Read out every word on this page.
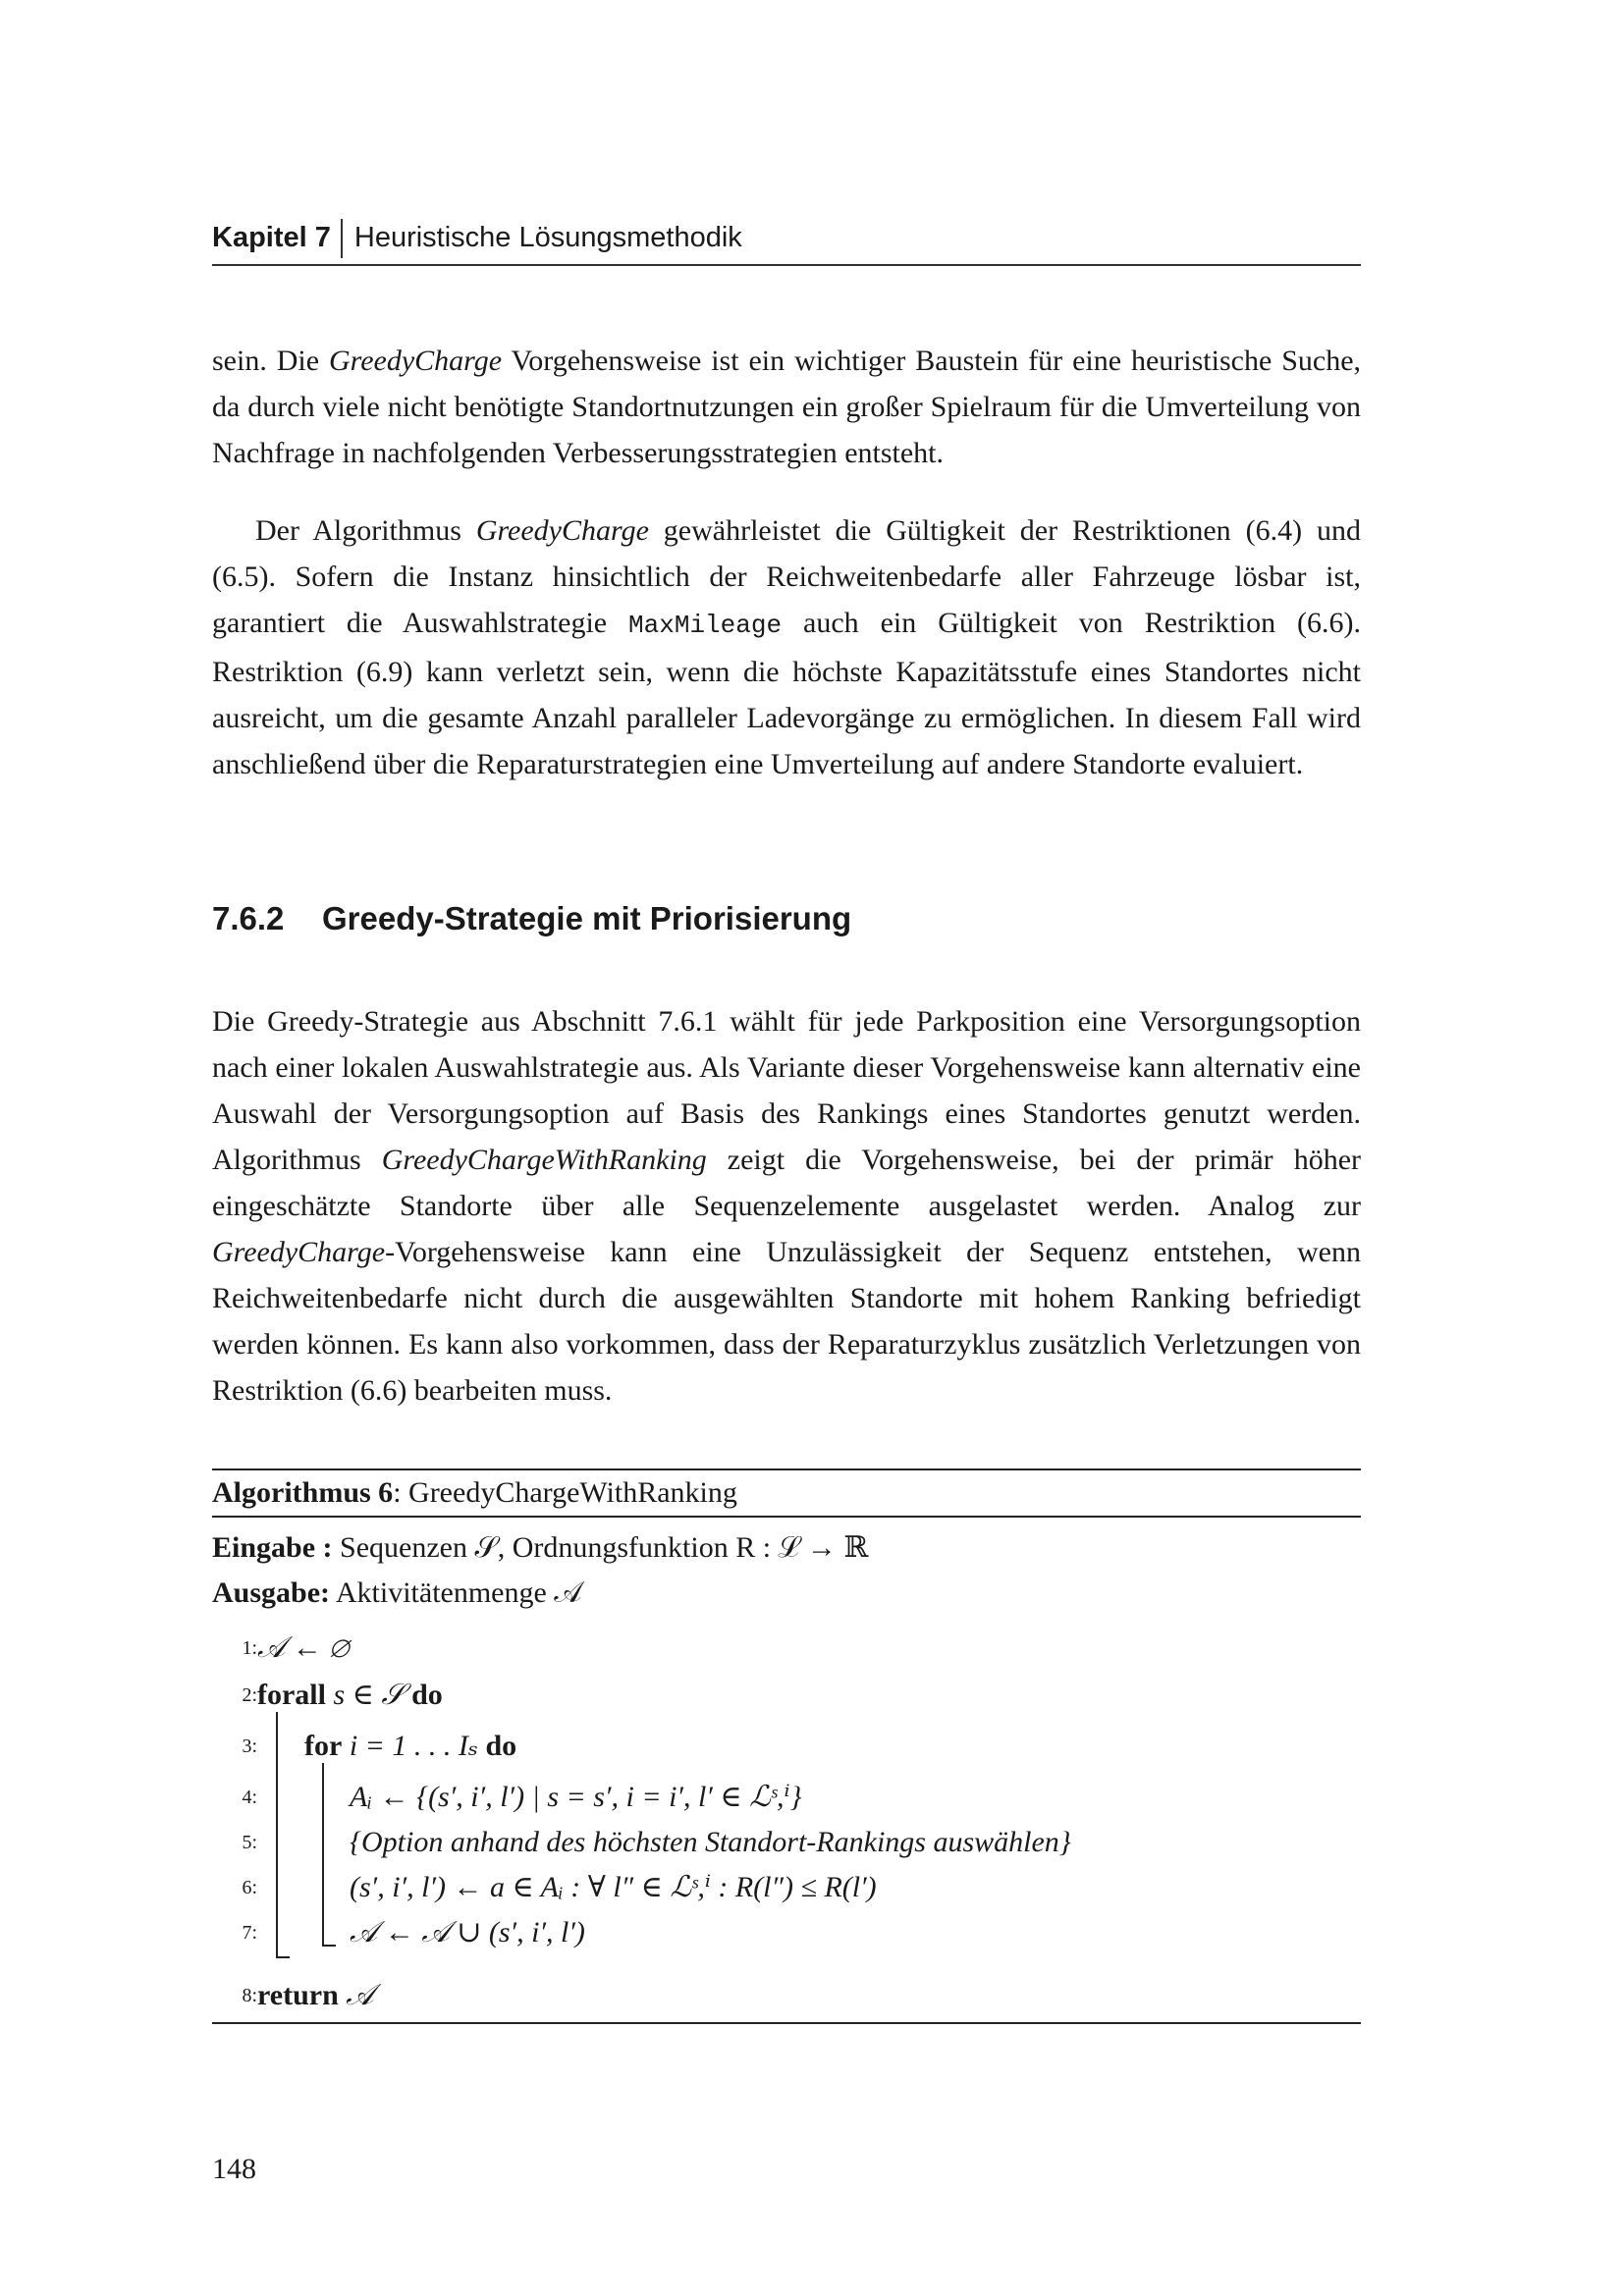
Kapitel 7 Heuristische Lösungsmethodik

sein. Die GreedyCharge Vorgehensweise ist ein wichtiger Baustein für eine heuristische Suche, da durch viele nicht benötigte Standortnutzungen ein großer Spielraum für die Umverteilung von Nachfrage in nachfolgenden Verbesserungsstrategien entsteht.

Der Algorithmus GreedyCharge gewährleistet die Gültigkeit der Restriktionen (6.4) und (6.5). Sofern die Instanz hinsichtlich der Reichweitenbedarfe aller Fahrzeuge lösbar ist, garantiert die Auswahlstrategie MaxMileage auch ein Gültigkeit von Restriktion (6.6). Restriktion (6.9) kann verletzt sein, wenn die höchste Kapazitätsstufe eines Standortes nicht ausreicht, um die gesamte Anzahl paralleler Ladevorgänge zu ermöglichen. In diesem Fall wird anschließend über die Reparaturstrategien eine Umverteilung auf andere Standorte evaluiert.

7.6.2 Greedy-Strategie mit Priorisierung

Die Greedy-Strategie aus Abschnitt 7.6.1 wählt für jede Parkposition eine Versorgungsoption nach einer lokalen Auswahlstrategie aus. Als Variante dieser Vorgehensweise kann alternativ eine Auswahl der Versorgungsoption auf Basis des Rankings eines Standortes genutzt werden. Algorithmus GreedyChargeWithRanking zeigt die Vorgehensweise, bei der primär höher eingeschätzte Standorte über alle Sequenzelemente ausgelastet werden. Analog zur GreedyCharge-Vorgehensweise kann eine Unzulässigkeit der Sequenz entstehen, wenn Reichweitenbedarfe nicht durch die ausgewählten Standorte mit hohem Ranking befriedigt werden können. Es kann also vorkommen, dass der Reparaturzyklus zusätzlich Verletzungen von Restriktion (6.6) bearbeiten muss.

Algorithmus 6: GreedyChargeWithRanking
Eingabe : Sequenzen 𝒮, Ordnungsfunktion R : ℒ → ℝ
Ausgabe: Aktivitätenmenge 𝒜
1: 𝒜 ← ∅
2: forall s ∈ 𝒮 do
3: for i = 1 . . . Iₛ do
4:	Aᵢ ← {(s′, i′, l′) | s = s′, i = i′, l′ ∈ ℒˢ,ⁱ}
5:	{Option anhand des höchsten Standort-Rankings auswählen}
6:	(s′, i′, l′) ← a ∈ Aᵢ : ∀ l″ ∈ ℒˢ,ⁱ : R(l″) ≤ R(l′)
7:	𝒜 ← 𝒜 ∪ (s′, i′, l′)
8: return 𝒜
148
